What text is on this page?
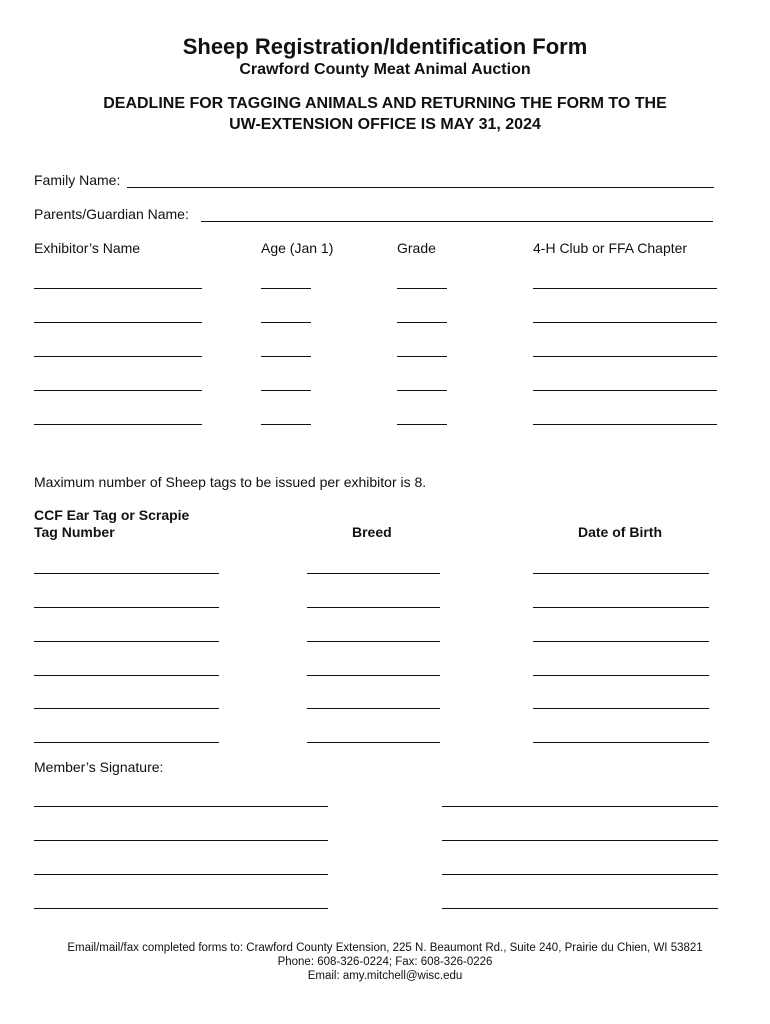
Sheep Registration/Identification Form
Crawford County Meat Animal Auction
DEADLINE FOR TAGGING ANIMALS AND RETURNING THE FORM TO THE
UW-EXTENSION OFFICE IS MAY 31, 2024
Family Name:
Parents/Guardian Name:
Exhibitor’s Name	Age (Jan 1)	Grade	4-H Club or FFA Chapter
Maximum number of Sheep tags to be issued per exhibitor is 8.
CCF Ear Tag or Scrapie
Tag Number	Breed	Date of Birth
Member’s Signature:
Email/mail/fax completed forms to: Crawford County Extension, 225 N. Beaumont Rd., Suite 240, Prairie du Chien, WI 53821
Phone: 608-326-0224; Fax: 608-326-0226
Email: amy.mitchell@wisc.edu
